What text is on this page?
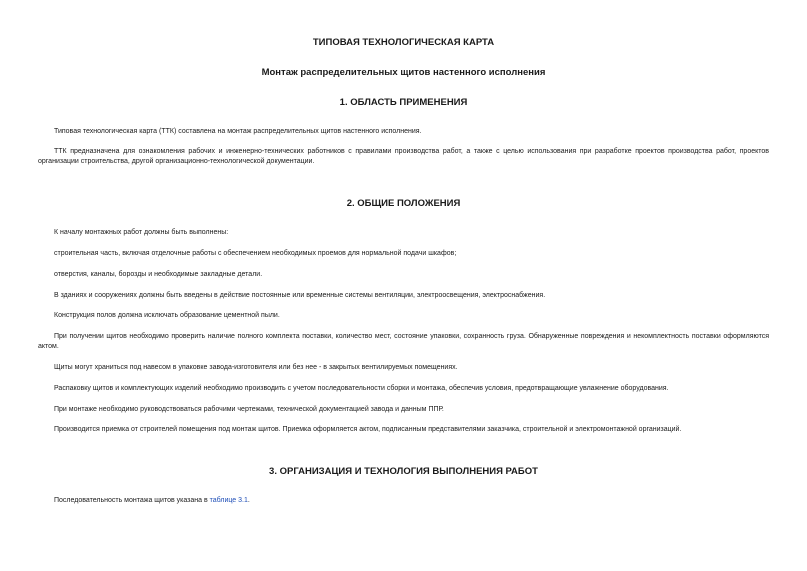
ТИПОВАЯ ТЕХНОЛОГИЧЕСКАЯ КАРТА
Монтаж распределительных щитов настенного исполнения
1. ОБЛАСТЬ ПРИМЕНЕНИЯ

Типовая технологическая карта (ТТК) составлена на монтаж распределительных щитов настенного исполнения.

ТТК предназначена для ознакомления рабочих и инженерно-технических работников с правилами производства работ, а также с целью использования при разработке проектов производства работ, проектов организации строительства, другой организационно-технологической документации.

2. ОБЩИЕ ПОЛОЖЕНИЯ

К началу монтажных работ должны быть выполнены:

строительная часть, включая отделочные работы с обеспечением необходимых проемов для нормальной подачи шкафов;

отверстия, каналы, борозды и необходимые закладные детали.

В зданиях и сооружениях должны быть введены в действие постоянные или временные системы вентиляции, электроосвещения, электроснабжения.

Конструкция полов должна исключать образование цементной пыли.

При получении щитов необходимо проверить наличие полного комплекта поставки, количество мест, состояние упаковки, сохранность груза. Обнаруженные повреждения и некомплектность поставки оформляются актом.

Щиты могут храниться под навесом в упаковке завода-изготовителя или без нее - в закрытых вентилируемых помещениях.

Распаковку щитов и комплектующих изделий необходимо производить с учетом последовательности сборки и монтажа, обеспечив условия, предотвращающие увлажнение оборудования.

При монтаже необходимо руководствоваться рабочими чертежами, технической документацией завода и данным ППР.

Производится приемка от строителей помещения под монтаж щитов. Приемка оформляется актом, подписанным представителями заказчика, строительной и электромонтажной организаций.

3. ОРГАНИЗАЦИЯ И ТЕХНОЛОГИЯ ВЫПОЛНЕНИЯ РАБОТ

Последовательность монтажа щитов указана в таблице 3.1.
